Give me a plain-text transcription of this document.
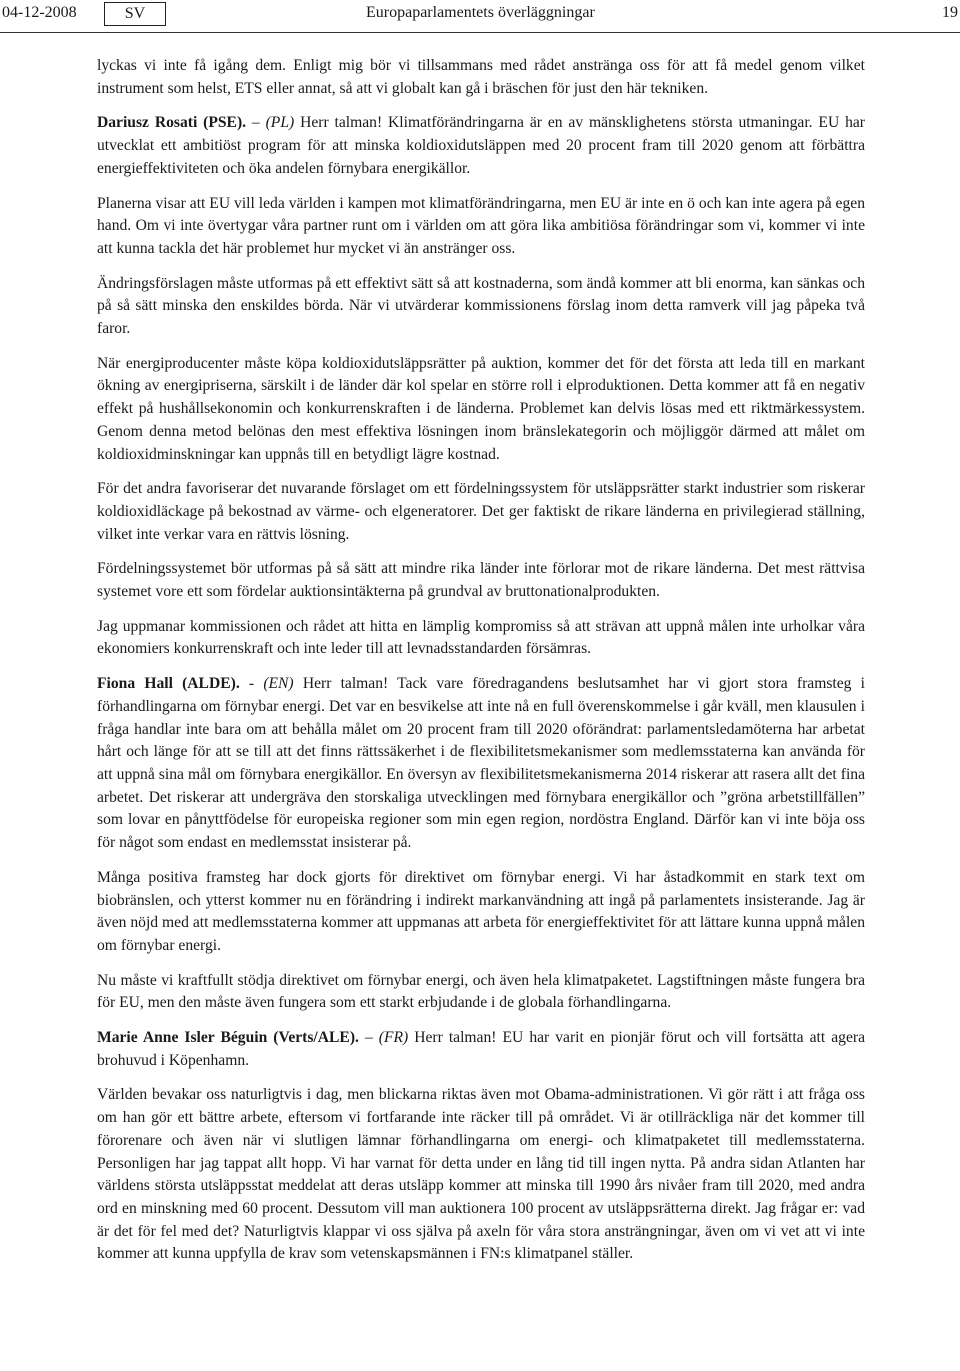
04-12-2008	SV	Europaparlamentets överläggningar	19

lyckas vi inte få igång dem. Enligt mig bör vi tillsammans med rådet anstränga oss för att få medel genom vilket instrument som helst, ETS eller annat, så att vi globalt kan gå i bräschen för just den här tekniken.

Dariusz Rosati (PSE). – (PL) Herr talman! Klimatförändringarna är en av mänsklighetens största utmaningar. EU har utvecklat ett ambitiöst program för att minska koldioxidutsläppen med 20 procent fram till 2020 genom att förbättra energieffektiviteten och öka andelen förnybara energikällor.

Planerna visar att EU vill leda världen i kampen mot klimatförändringarna, men EU är inte en ö och kan inte agera på egen hand. Om vi inte övertygar våra partner runt om i världen om att göra lika ambitiösa förändringar som vi, kommer vi inte att kunna tackla det här problemet hur mycket vi än anstränger oss.

Ändringsförslagen måste utformas på ett effektivt sätt så att kostnaderna, som ändå kommer att bli enorma, kan sänkas och på så sätt minska den enskildes börda. När vi utvärderar kommissionens förslag inom detta ramverk vill jag påpeka två faror.

När energiproducenter måste köpa koldioxidutsläppsrätter på auktion, kommer det för det första att leda till en markant ökning av energipriserna, särskilt i de länder där kol spelar en större roll i elproduktionen. Detta kommer att få en negativ effekt på hushållsekonomin och konkurrenskraften i de länderna. Problemet kan delvis lösas med ett riktmärkessystem. Genom denna metod belönas den mest effektiva lösningen inom bränslekategorin och möjliggör därmed att målet om koldioxidminskningar kan uppnås till en betydligt lägre kostnad.

För det andra favoriserar det nuvarande förslaget om ett fördelningssystem för utsläppsrätter starkt industrier som riskerar koldioxidläckage på bekostnad av värme- och elgeneratorer. Det ger faktiskt de rikare länderna en privilegierad ställning, vilket inte verkar vara en rättvis lösning.

Fördelningssystemet bör utformas på så sätt att mindre rika länder inte förlorar mot de rikare länderna. Det mest rättvisa systemet vore ett som fördelar auktionsintäkterna på grundval av bruttonationalprodukten.

Jag uppmanar kommissionen och rådet att hitta en lämplig kompromiss så att strävan att uppnå målen inte urholkar våra ekonomiers konkurrenskraft och inte leder till att levnadsstandarden försämras.

Fiona Hall (ALDE). - (EN) Herr talman! Tack vare föredragandens beslutsamhet har vi gjort stora framsteg i förhandlingarna om förnybar energi. Det var en besvikelse att inte nå en full överenskommelse i går kväll, men klausulen i fråga handlar inte bara om att behålla målet om 20 procent fram till 2020 oförändrat: parlamentsledamöterna har arbetat hårt och länge för att se till att det finns rättssäkerhet i de flexibilitetsmekanismer som medlemsstaterna kan använda för att uppnå sina mål om förnybara energikällor. En översyn av flexibilitetsmekanismerna 2014 riskerar att rasera allt det fina arbetet. Det riskerar att undergräva den storskaliga utvecklingen med förnybara energikällor och ”gröna arbetstillfällen” som lovar en pånyttfödelse för europeiska regioner som min egen region, nordöstra England. Därför kan vi inte böja oss för något som endast en medlemsstat insisterar på.

Många positiva framsteg har dock gjorts för direktivet om förnybar energi. Vi har åstadkommit en stark text om biobränslen, och ytterst kommer nu en förändring i indirekt markanvändning att ingå på parlamentets insisterande. Jag är även nöjd med att medlemsstaterna kommer att uppmanas att arbeta för energieffektivitet för att lättare kunna uppnå målen om förnybar energi.

Nu måste vi kraftfullt stödja direktivet om förnybar energi, och även hela klimatpaketet. Lagstiftningen måste fungera bra för EU, men den måste även fungera som ett starkt erbjudande i de globala förhandlingarna.

Marie Anne Isler Béguin (Verts/ALE). – (FR) Herr talman! EU har varit en pionjär förut och vill fortsätta att agera brohuvud i Köpenhamn.

Världen bevakar oss naturligtvis i dag, men blickarna riktas även mot Obama-administrationen. Vi gör rätt i att fråga oss om han gör ett bättre arbete, eftersom vi fortfarande inte räcker till på området. Vi är otillräckliga när det kommer till förorenare och även när vi slutligen lämnar förhandlingarna om energi- och klimatpaketet till medlemsstaterna. Personligen har jag tappat allt hopp. Vi har varnat för detta under en lång tid till ingen nytta. På andra sidan Atlanten har världens största utsläppsstat meddelat att deras utsläpp kommer att minska till 1990 års nivåer fram till 2020, med andra ord en minskning med 60 procent. Dessutom vill man auktionera 100 procent av utsläppsrätterna direkt. Jag frågar er: vad är det för fel med det? Naturligtvis klappar vi oss själva på axeln för våra stora ansträngningar, även om vi vet att vi inte kommer att kunna uppfylla de krav som vetenskapsmännen i FN:s klimatpanel ställer.
